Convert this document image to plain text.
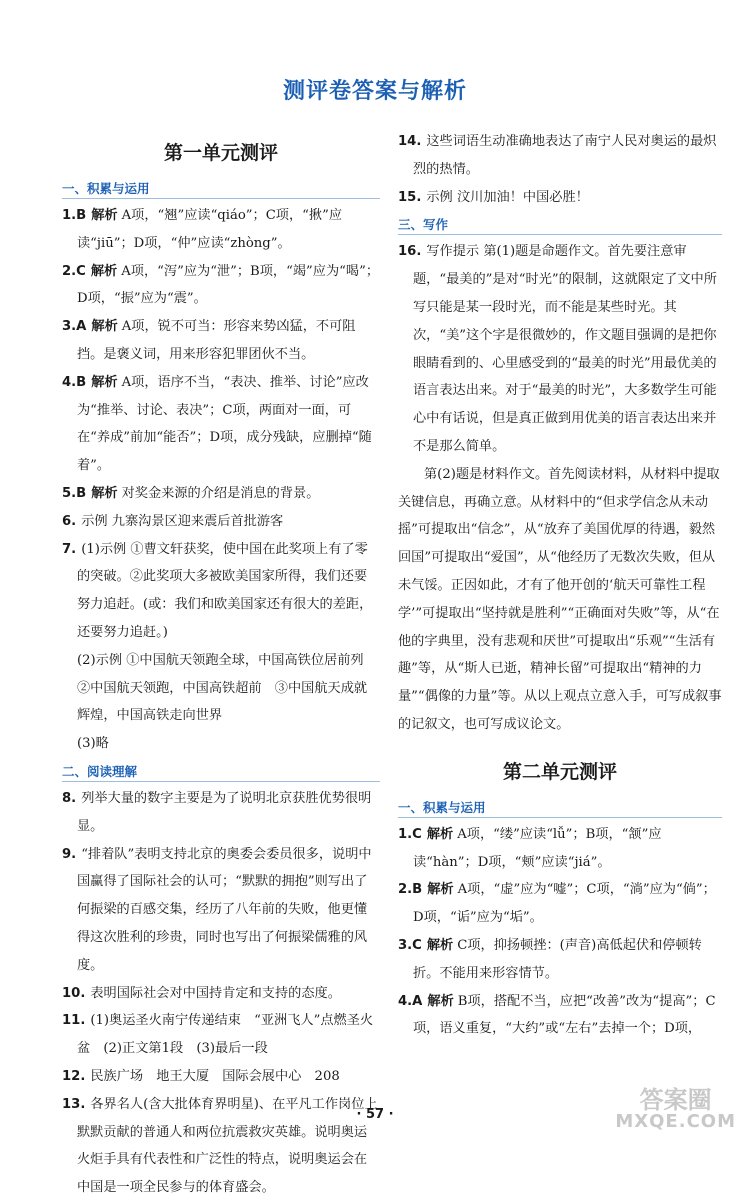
测评卷答案与解析
第一单元测评
一、积累与运用

1.B 解析 A项，“翘”应读“qiáo”；C项，“揪”应读“jiū”；D项，“仲”应读“zhòng”。

2.C 解析 A项，“泻”应为“泄”；B项，“竭”应为“喝”；D项，“振”应为“震”。

3.A 解析 A项，锐不可当：形容来势凶猛，不可阻挡。是褒义词，用来形容犯罪团伙不当。

4.B 解析 A项，语序不当，“表决、推举、讨论”应改为“推举、讨论、表决”；C项，两面对一面，可在“养成”前加“能否”；D项，成分残缺，应删掉“随着”。

5.B 解析 对奖金来源的介绍是消息的背景。

6. 示例 九寨沟景区迎来震后首批游客

7. (1)示例 ①曹文轩获奖，使中国在此奖项上有了零的突破。②此奖项大多被欧美国家所得，我们还要努力追赶。(或：我们和欧美国家还有很大的差距，还要努力追赶。)

(2)示例 ①中国航天领跑全球，中国高铁位居前列

②中国航天领跑，中国高铁超前　③中国航天成就辉煌，中国高铁走向世界

(3)略

二、阅读理解

8. 列举大量的数字主要是为了说明北京获胜优势很明显。

9. “排着队”表明支持北京的奥委会委员很多，说明中国赢得了国际社会的认可；“默默的拥抱”则写出了何振梁的百感交集，经历了八年前的失败，他更懂得这次胜利的珍贵，同时也写出了何振梁儒雅的风度。

10. 表明国际社会对中国持肯定和支持的态度。

11. (1)奥运圣火南宁传递结束　“亚洲飞人”点燃圣火盆　(2)正文第1段　(3)最后一段

12. 民族广场　地王大厦　国际会展中心　208

13. 各界名人(含大批体育界明星)、在平凡工作岗位上默默贡献的普通人和两位抗震救灾英雄。说明奥运火炬手具有代表性和广泛性的特点，说明奥运会在中国是一项全民参与的体育盛会。

14. 这些词语生动准确地表达了南宁人民对奥运的最炽烈的热情。

15. 示例 汶川加油！中国必胜！

三、写作

16. 写作提示 第(1)题是命题作文。首先要注意审题，“最美的”是对“时光”的限制，这就限定了文中所写只能是某一段时光，而不能是某些时光。其次，“美”这个字是很微妙的，作文题目强调的是把你眼睛看到的、心里感受到的“最美的时光”用最优美的语言表达出来。对于“最美的时光”，大多数学生可能心中有话说，但是真正做到用优美的语言表达出来并不是那么简单。

第(2)题是材料作文。首先阅读材料，从材料中提取关键信息，再确立意。从材料中的“但求学信念从未动摇”可提取出“信念”，从“放弃了美国优厚的待遇，毅然回国”可提取出“爱国”，从“他经历了无数次失败，但从未气馁。正因如此，才有了他开创的‘航天可靠性工程学’”可提取出“坚持就是胜利”“正确面对失败”等，从“在他的字典里，没有悲观和厌世”可提取出“乐观”“生活有趣”等，从“斯人已逝，精神长留”可提取出“精神的力量”“偶像的力量”等。从以上观点立意入手，可写成叙事的记叙文，也可写成议论文。

第二单元测评
一、积累与运用

1.C 解析 A项，“缕”应读“lǚ”；B项，“颔”应读“hàn”；D项，“颊”应读“jiá”。

2.B 解析 A项，“虚”应为“嘘”；C项，“淌”应为“倘”；D项，“诟”应为“垢”。

3.C 解析 C项，抑扬顿挫：(声音)高低起伏和停顿转折。不能用来形容情节。

4.A 解析 B项，搭配不当，应把“改善”改为“提高”；C项，语义重复，“大约”或“左右”去掉一个；D项，

· 57 ·
答案圈
MXQE.COM
